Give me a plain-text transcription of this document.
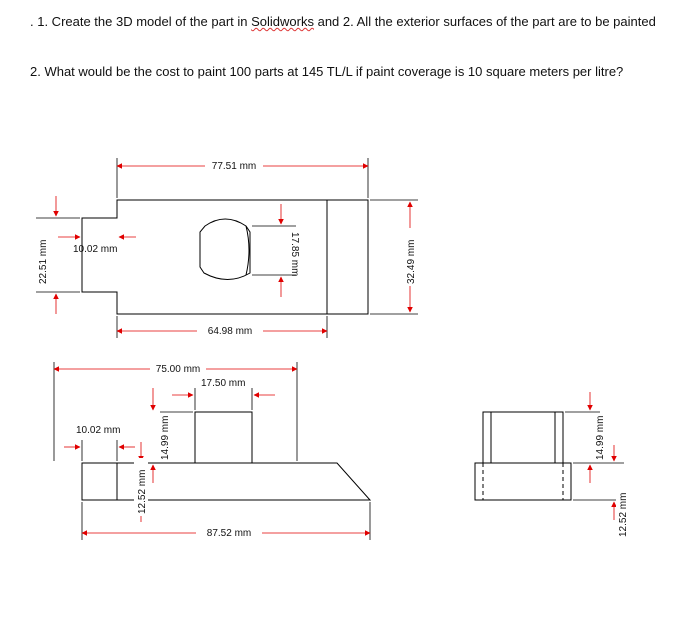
. 1. Create the 3D model of the part in Solidworks and 2. All the exterior surfaces of the part are to be painted
2. What would be the cost to paint 100 parts at 145 TL/L if paint coverage is 10 square meters per litre?
77.51 mm
64.98 mm
10.02 mm
22.51 mm	17.85 mm	32.49 mm
75.00 mm
17.50 mm
10.02 mm
12.52 mm
14.99 mm
87.52 mm
14.99 mm
12.52 mm
